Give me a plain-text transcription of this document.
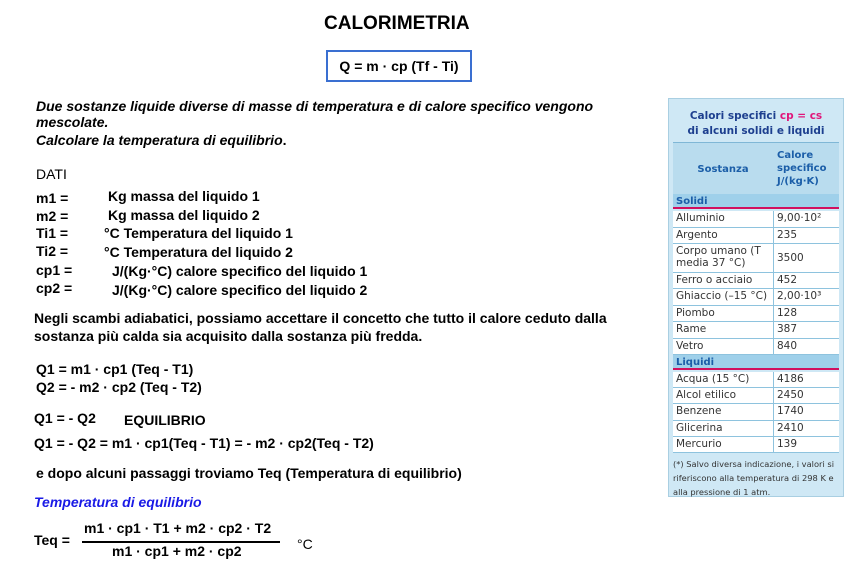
CALORIMETRIA
Q = m · cp (Tf - Ti)
Due sostanze liquide diverse di masse di temperatura e di calore specifico vengono
mescolate.
Calcolare la temperatura di equilibrio.
DATI
m1 =	Kg massa del liquido 1
m2 =	Kg massa del liquido 2
Ti1 =	°C Temperatura del liquido 1
Ti2 =	°C Temperatura del liquido 2
cp1 =	J/(Kg·°C) calore specifico del liquido 1
cp2 =	J/(Kg·°C) calore specifico del liquido 2
Negli scambi adiabatici, possiamo accettare il concetto che tutto il calore ceduto dalla
sostanza più calda sia acquisito dalla sostanza più fredda.
Q1 = m1 · cp1 (Teq - T1)
Q2 = - m2 · cp2 (Teq - T2)
Q1 = - Q2 EQUILIBRIO
Q1 = - Q2 = m1 · cp1(Teq - T1) = - m2 · cp2(Teq - T2)
e dopo alcuni passaggi troviamo Teq (Temperatura di equilibrio)
Temperatura di equilibrio
Teq =
m1 · cp1 · T1 + m2 · cp2 · T2
m1 · cp1 + m2 · cp2	°C
Calori specifici cp = cs
di alcuni solidi e liquidi
Sostanza
Calore specifico J/(kg·K)
Solidi
Alluminio	9,00·10²
Argento	235
Corpo umano (T media 37 °C)	3500
Ferro o acciaio	452
Ghiaccio (–15 °C) 2,00·10³
Piombo	128
Rame	387
Vetro	840
Liquidi
Acqua (15 °C)	4186
Alcol etilico	2450
Benzene	1740
Glicerina	2410
Mercurio	139
(*) Salvo diversa indicazione, i valori si riferiscono alla temperatura di 298 K e alla pressione di 1 atm.
